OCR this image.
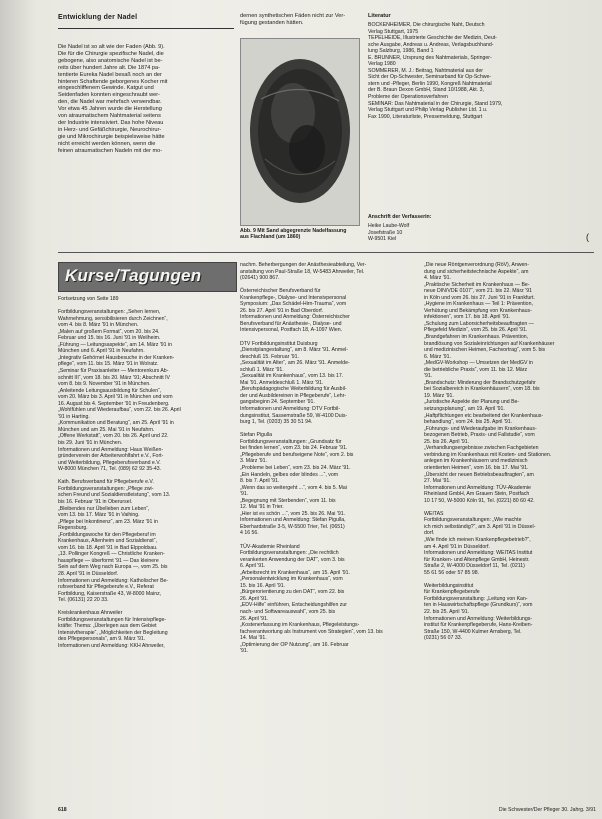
Entwicklung der Nadel
Die Nadel ist so alt wie der Faden (Abb. 9).
Die für die Chirurgie spezifische Nadel, die
gebogene, also anatomische Nadel ist be-
reits über hundert Jahre alt. Die 1874 pa-
tentierte Eureka Nadel besaß noch an der
hinteren Schaftende geborgenes Kocher mit
eingeschliffenem Gewinde. Katgut und
Seidenfaden konnten eingeschraubt wer-
den, die Nadel war mehrfach verwendbar.
Vor etwa 45 Jahren wurde die Herstellung
von atraumatischem Nahtmaterial seitens
der Industrie intensiviert. Das hohe Niveau
in Herz- und Gefäßchirurgie, Neurochirur-
gie und Mikrochirurgie beispielsweise hätte
nicht erreicht werden können, wenn die
feinen atraumatischen Nadeln mit der mo-
dernen synthetischen Fäden nicht zur Ver-
fügung gestanden hätten.
Abb. 9 Mit Sand abgegrenzte Nadelfassung
aus Flachland (um 1860)
Literatur
BOCKENHEIMER, Die chirurgische Naht, Deutsch
Verlag Stuttgart, 1975
TEPELHEIDE, Illustrierte Geschichte der Medizin, Deut-
sche Ausgabe, Andreas u. Andreas, Verlagsbuchhand-
lung Salzburg, 1986, Band 1
E. BRUNNER, Ursprung des Nahtmaterials, Springer-
Verlag 1980
SOMMERER, M. J.: Beitrag, Nahtmaterial aus der
Sicht der Op-Schwester, Seminarband für Op-Schwe-
stern und -Pfleger, Berlin 1990, Kongreß Nahtmaterial
der B. Braun Dexon GmbH, Stand 10/1988, Akt. 3,
Probleme der Operationsverfahren
SEMINAR: Das Nahtmaterial in der Chirurgie, Stand 1979,
Verlag Stuttgart und Philip Verlag Publisher Ltd. 1 u.
Fax 1990, Literaturliste, Pressemeldung, Stuttgart
Anschrift der Verfasserin:
Heike Laube-Wolf
Josefstraße 10
W-9501 Kiel	(
Kurse/Tagungen
Fortsetzung von Seite 189

Fortbildungsveranstaltungen: „Sehen lernen,
Wahrnehmung, sensibilisieren durch Zeichnen“,
vom 4. bis 8. März '91 in München.
„Malen auf großem Format“, vom 20. bis 24.
Februar und 15. bis 16. Juni '91 in Weilheim.
„Führung — Leitungsaspekte“, am 14. März '91 in
München und 6. April '91 in Neufahrn.
„Integrativ Gehörnet Hausbesuche in der Kranken-
pflege“, vom 11. bis 15. März '91 in Wolratz.
„Seminar für Praxisanleiter — Mentorenkurs Ab-
schnitt III“, vom 18. bis 20. März '91; Abschnitt IV
vom 8. bis 9. November '91 in München.
„Anleitende Leitungsausbildung für Schulen“,
vom 20. März bis 3. April '91 in München und vom
16. August bis 4. September '91 in Freudenberg.
„Wohlfühlen und Wiederaufbau“, vom 22. bis 26. April
'91 in Harting.
„Kommunikation und Beratung“, am 25. April '91 in
München und am 25. Mai '91 in Neufahrn.
„Offene Werkstatt“, vom 20. bis 26. April und 22.
bis 29. Juni '91 in München.
Informationen und Anmeldung: Haus Weißen-
gründerverein der Arbeiterwohlfahrt e.V., Fort-
und Weiterbildung, Pflegeberufsverband e.V.
W-8000 München 71, Tel. (089) 62 92 35-43.

Kath. Berufsverband für Pflegeberufe e.V.
Fortbildungsveranstaltungen: „Pflege zwi-
schen Freund und Sozialdienstleistung“, vom 13.
bis 16. Februar '91 in Oberursel.
„Bleibendes nur Übelleben zum Leben“,
vom 13. bis 17. März '91 in Vaihing.
„Pflege bei Inkontinenz“, am 23. März '91 in
Regensburg.
„Fortbildungswoche für den Pflegeberuf im
Krankenhaus, Altenheim und Sozialdienst“,
vom 16. bis 18. April '91 in Bad Elppoldsau.
„13. Pollinger Kongreß — Christliche Kranken-
hauspflege — überformt '91 — Das kleinere
Sein auf dem Weg nach Europa —, vom 25. bis
28. April '91 in Düsseldorf.
Informationen und Anmeldung: Katholischer Be-
rufsverband für Pflegeberufe e.V., Referat
Fortbildung, Kaiserstraße 43, W-8000 Mainz,
Tel. (06131) 22 20 33.

Kreiskrankenhaus Ahrweiler
Fortbildungsveranstaltungen für Intensivpflege-
kräfte: Thema: „Überlegen aus dem Gebiet
Intensivtherapie“, „Möglichkeiten der Begleitung
des Pflegepersonals“, am 9. März '91.
Informationen und Anmeldung: KKH Ahrweiler,
nachm. Beherbergungen der Anästhesieabteilung, Ver-
anstaltung von Paul-Straße 18, W-5483 Ahrweiler, Tel.
(02641) 900 867.

Österreichischer Berufsverband für
Krankenpflege-, Dialyse- und Intensivpersonal
Symposium: „Das Schädel-Hirn-Trauma“, vom
26. bis 27. April '91 in Bad Oberdorf.
Informationen und Anmeldung: Österreichischer
Berufsverband für Anästhesie-, Dialyse- und
Intensivpersonal, Postfach 18, A-1097 Wien.

DTV Fortbildungsinstitut Duisburg
„Dienstplangestaltung“, am 8. März '91. Anmel-
deschluß 15. Februar '91.
„Sexualität im Alter“, am 26. März '91. Anmelde-
schluß 1. März '91.
„Sexualität im Krankenhaus“, vom 13. bis 17.
Mai '91. Anmeldeschluß 1. März '91.
„Berufspädagogische Weiterbildung für Ausbil-
der und Ausbildereinen in Pflegeberufe“, Lehr-
gangsbeginn 24. September '91.
Informationen und Anmeldung: DTV Fortbil-
dungsinstitut, Sassemstraße 59, W-4100 Duis-
burg 1, Tel. (0203) 35 30 51 94.

Stefan Pigulla
Fortbildungsveranstaltungen: „Grundsatz für
bei finden lernen“, vom 23. bis 24. Februar '91.
„Pflegeberufe und berufseigene Note“, vom 2. bis
3. März '91.
„Probleme bei Leben“, vom 23. bis 24. März '91.
„Ein Handeln, gelbes oder blindes ...“, vom
8. bis 7. April '91.
„Wenn das so weitergeht ...“, vom 4. bis 5. Mai
'91.
„Begegnung mit Sterbenden“, vom 11. bis
12. Mai '91 in Trier.
„Hier ist es schön ...“, vom 25. bis 26. Mai '91.
Informationen und Anmeldung: Stefan Pigulla,
Eberhardstraße 3-5, W-5500 Trier, Tel. (0651)
4 16 56.

TÜV-Akademie Rheinland
Fortbildungsveranstaltungen: „Die rechtlich
verankerten Anwendung der DAT“, vom 3. bis
6. April '91.
„Arbeitsrecht im Krankenhaus“, am 15. April '91.
„Personalentwicklung im Krankenhaus“, vom
15. bis 16. April '91.
„Bürgerorientierung zu den DAT“, vom 22. bis
26. April '91.
„EDV-Hilfe“ einführen, Entscheidungshilfen zur
nach- und Softwareauswahl“, vom 25. bis
26. April '91.
„Kostenerfassung im Krankenhaus, Pflegeleistungs-
fachverantwortung als Instrument von Strategien“, vom 13. bis
14. Mai '91.
„Optimierung der OP Nutzung“, am 16. Februar
'91.
„Die neue Röntgenverordnung (RöV), Anwen-
dung und sicherheitstechnische Aspekte“, am
4. März '91.
„Praktische Sicherheit im Krankenhaus — Be-
neue DIN/VDE 0107“, vom 21. bis 22. März '91
in Köln und vom 26. bis 27. Juni '91 in Frankfurt.
„Hygiene im Krankenhaus — Teil 1: Prävention,
Verhütung und Bekämpfung von Krankenhaus-
infektionen“, vom 17. bis 18. April '91.
„Schulung zum Laborsicherheitsbeauftragten —
Pflegefeld Medizin“, vom 25. bis 26. April '91.
„Brandgefahren im Krankenhaus. Prävention,
brandlösung von Sozialeinrichtungen auf Krankenhäuser
und medizinischen Heimen, Fachvortrag“, vom 5. bis
6. März '91.
„MedGV-Workshop — Umsetzen der MedGV in
die betriebliche Praxis“, vom 11. bis 12. März
'91.
„Brandschutz: Minderung der Brandschutzgefahr
bei Sozialbereich in Krankenhäusern“, vom 18. bis
19. März '91.
„Juristische Aspekte der Planung und Be-
setzungsplanung“, am 19. April '91.
„Haftpflichtungen etc bearbeitend der Krankenhaus-
behandlung“, vom 24. bis 25. April '91.
„Führungs- und Wiederaufgabe im Krankenhaus-
bezogenen Betrieb, Praxis- und Fallstudie“, vom
25. bis 26. April '91.
„Verhandlungsergebnisse zwischen Fachgebieten
verbindung im Krankenhaus mit Kosten- und Stationen.
anlegen im Krankenhäusern und medizinisch
orientierten Heimen“, vom 16. bis 17. Mai '91.
„Übersicht der neuen Betriebsbeauftragten“, am
27. Mai '91.
Informationen und Anmeldung: TÜV-Akademie
Rheinland GmbH, Am Grauen Stein, Postfach
10 17 50, W-5000 Köln 91, Tel. (0221) 80 60 42.

WEITAS
Fortbildungsveranstaltungen: „Wie machte
ich mich selbständig?“, am 3. April '91 in Düssel-
dorf.
„Wie finde ich meinen Krankenpflegebetrieb?“,
am 4. April '91 in Düsseldorf.
Informationen und Anmeldung: WEITAS Institut
für Kranken- und Altenpflege GmbH, Heinestr.
Straße 2, W-4000 Düsseldorf 11, Tel. (0211)
55 61 56 oder 57 85 98.

Weiterbildungsinstitut
für Krankenpflegeberufe
Fortbildungsveranstaltung: „Leitung von Kan-
ten in Hauswirtschaftspflege (Grundkurs)“, vom
22. bis 25. April '91.
Informationen und Anmeldung: Weiterbildungs-
institut für Krankenpflegeberufe, Hans-Kreiben-
Straße 150, W-4400 Kulmer Arnsberg, Tel.
(0231) 56 07 33.
618	Die Schwester/Der Pfleger 30. Jahrg. 3/91
